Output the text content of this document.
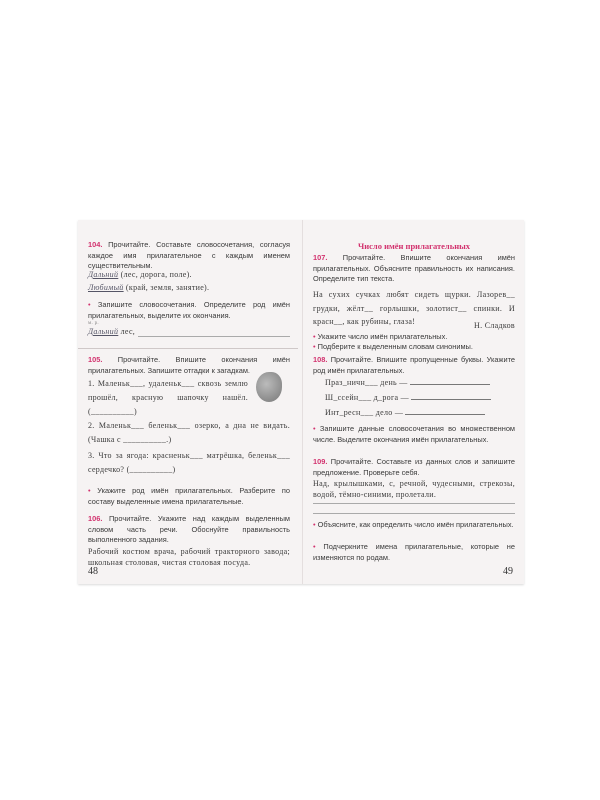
104. Прочитайте. Составьте словосочетания, согласуя каждое имя прилагательное с каждым именем существительным.
Дальний (лес, дорога, поле).
Любимый (край, земля, занятие).
• Запишите словосочетания. Определите род имён прилагательных, выделите их окончания.
м. р.
Дальний лес,
105. Прочитайте. Впишите окончания имён прилагательных. Запишите отгадки к загадкам.
1. Маленьк___, удаленьк___ сквозь землю прошёл, красную шапочку нашёл. (__________)
2. Маленьк___ беленьк___ озерко, а дна не видать. (Чашка с __________.)
3. Что за ягода: красненьк___ матрёшка, беленьк___ сердечко? (__________)
• Укажите род имён прилагательных. Разберите по составу выделенные имена прилагательные.
106. Прочитайте. Укажите над каждым выделенным словом часть речи. Обоснуйте правильность выполненного задания.
Рабочий костюм врача, рабочий тракторного завода; школьная столовая, чистая столовая посуда.
48
Число имён прилагательных
107. Прочитайте. Впишите окончания имён прилагательных. Объясните правильность их написания. Определите тип текста.
На сухих сучках любят сидеть щурки. Лазорев__ грудки, жёлт__ горлышки, золотист__ спинки. И красн__, как рубины, глаза!	Н. Сладков
• Укажите число имён прилагательных.
• Подберите к выделенным словам синонимы.
108. Прочитайте. Впишите пропущенные буквы. Укажите род имён прилагательных.
Праз_ничн___ день —
Ш_ссейн___ д_рога —
Инт_ресн___ дело —
• Запишите данные словосочетания во множественном числе. Выделите окончания имён прилагательных.
109. Прочитайте. Составьте из данных слов и запишите предложение. Проверьте себя.
Над, крылышками, с, речной, чудесными, стрекозы, водой, тёмно-синими, пролетали.
• Объясните, как определить число имён прилагательных.
• Подчеркните имена прилагательные, которые не изменяются по родам.
49
